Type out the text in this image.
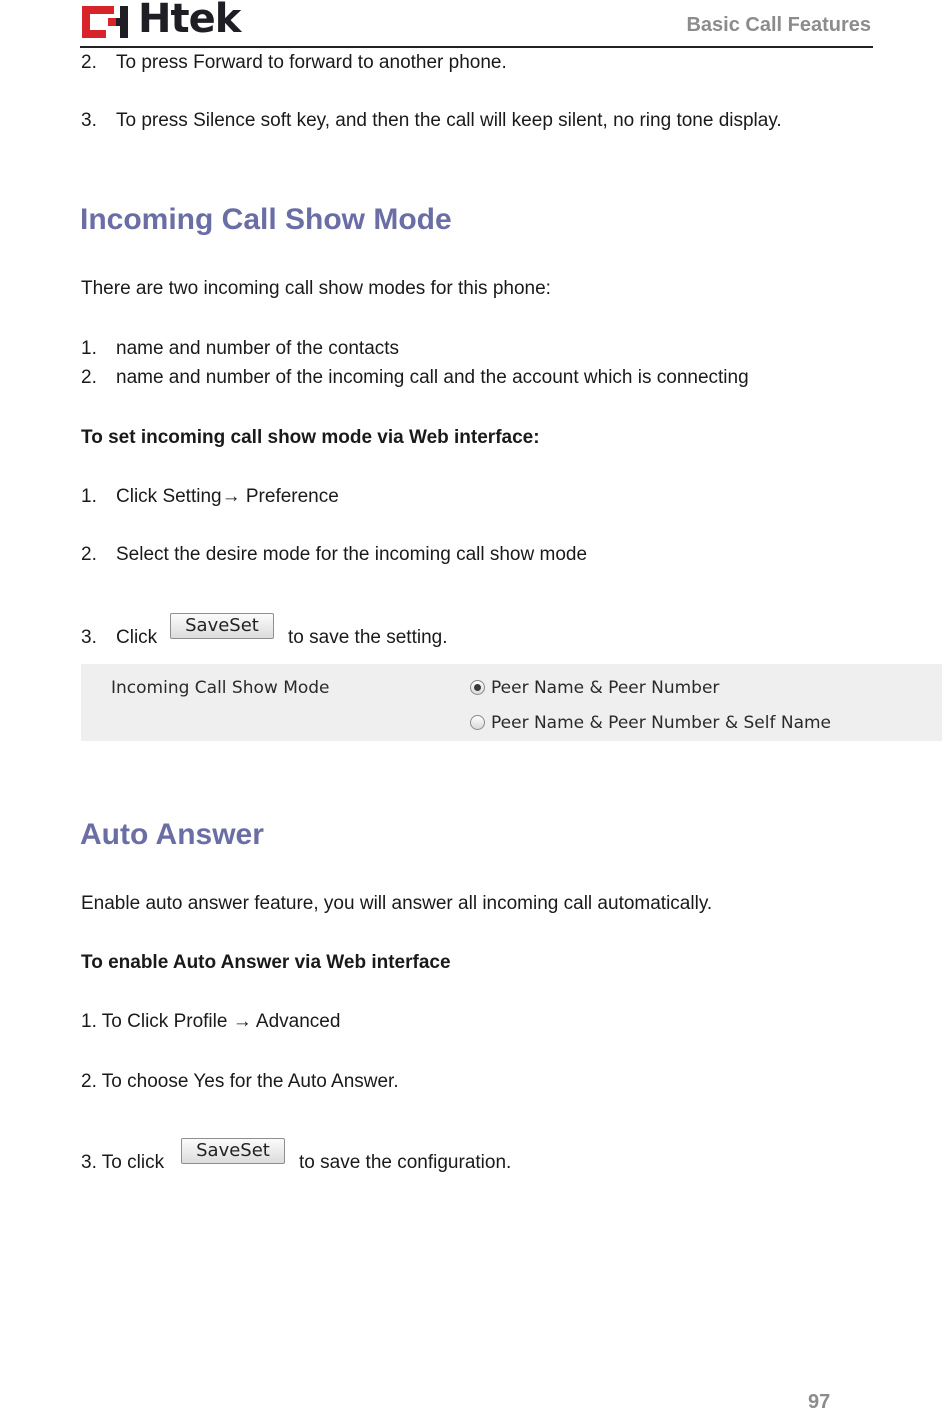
Htek	Basic Call Features
2. To press Forward to forward to another phone.
3. To press Silence soft key, and then the call will keep silent, no ring tone display.
Incoming Call Show Mode
There are two incoming call show modes for this phone:
1. name and number of the contacts
2. name and number of the incoming call and the account which is connecting
To set incoming call show mode via Web interface:
1. Click Setting→ Preference
2. Select the desire mode for the incoming call show mode
3. Click
SaveSet
to save the setting.
Incoming Call Show Mode	Peer Name & Peer Number
Peer Name & Peer Number & Self Name
Auto Answer
Enable auto answer feature, you will answer all incoming call automatically.
To enable Auto Answer via Web interface
1. To Click Profile → Advanced
2. To choose Yes for the Auto Answer.
3. To click
SaveSet
to save the configuration.
97
